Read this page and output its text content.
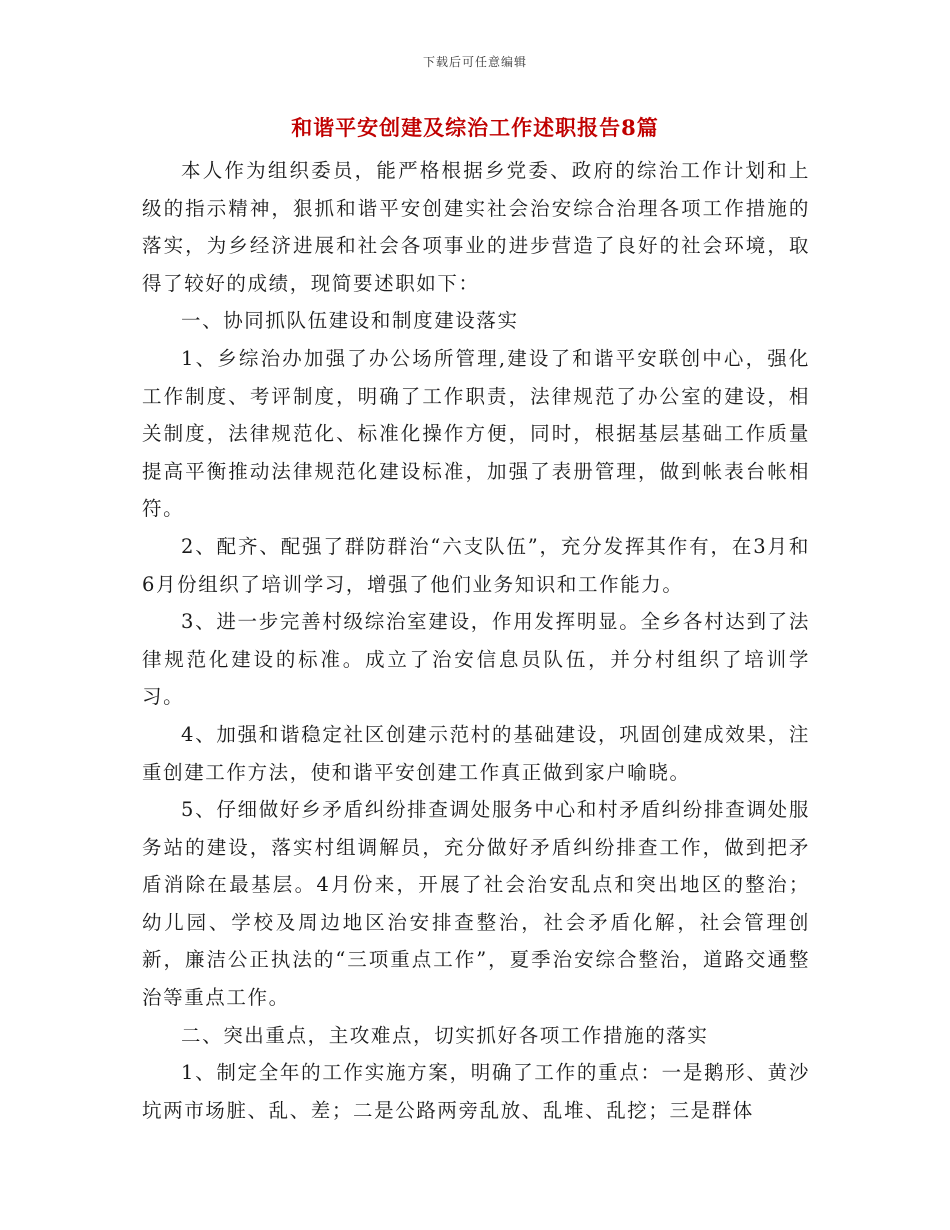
下载后可任意编辑
和谐平安创建及综治工作述职报告8篇

本人作为组织委员，能严格根据乡党委、政府的综治工作计划和上级的指示精神，狠抓和谐平安创建实社会治安综合治理各项工作措施的落实，为乡经济进展和社会各项事业的进步营造了良好的社会环境，取得了较好的成绩，现简要述职如下：

一、协同抓队伍建设和制度建设落实

1、乡综治办加强了办公场所管理,建设了和谐平安联创中心，强化工作制度、考评制度，明确了工作职责，法律规范了办公室的建设，相关制度，法律规范化、标准化操作方便，同时，根据基层基础工作质量提高平衡推动法律规范化建设标准，加强了表册管理，做到帐表台帐相符。

2、配齐、配强了群防群治“六支队伍”，充分发挥其作有，在3月和6月份组织了培训学习，增强了他们业务知识和工作能力。

3、进一步完善村级综治室建设，作用发挥明显。全乡各村达到了法律规范化建设的标准。成立了治安信息员队伍，并分村组织了培训学习。

4、加强和谐稳定社区创建示范村的基础建设，巩固创建成效果，注重创建工作方法，使和谐平安创建工作真正做到家户喻晓。

5、仔细做好乡矛盾纠纷排查调处服务中心和村矛盾纠纷排查调处服务站的建设，落实村组调解员，充分做好矛盾纠纷排查工作，做到把矛盾消除在最基层。4月份来，开展了社会治安乱点和突出地区的整治；幼儿园、学校及周边地区治安排查整治，社会矛盾化解，社会管理创新，廉洁公正执法的“三项重点工作”，夏季治安综合整治，道路交通整治等重点工作。

二、突出重点，主攻难点，切实抓好各项工作措施的落实

1、制定全年的工作实施方案，明确了工作的重点：一是鹅形、黄沙坑两市场脏、乱、差；二是公路两旁乱放、乱堆、乱挖；三是群体
